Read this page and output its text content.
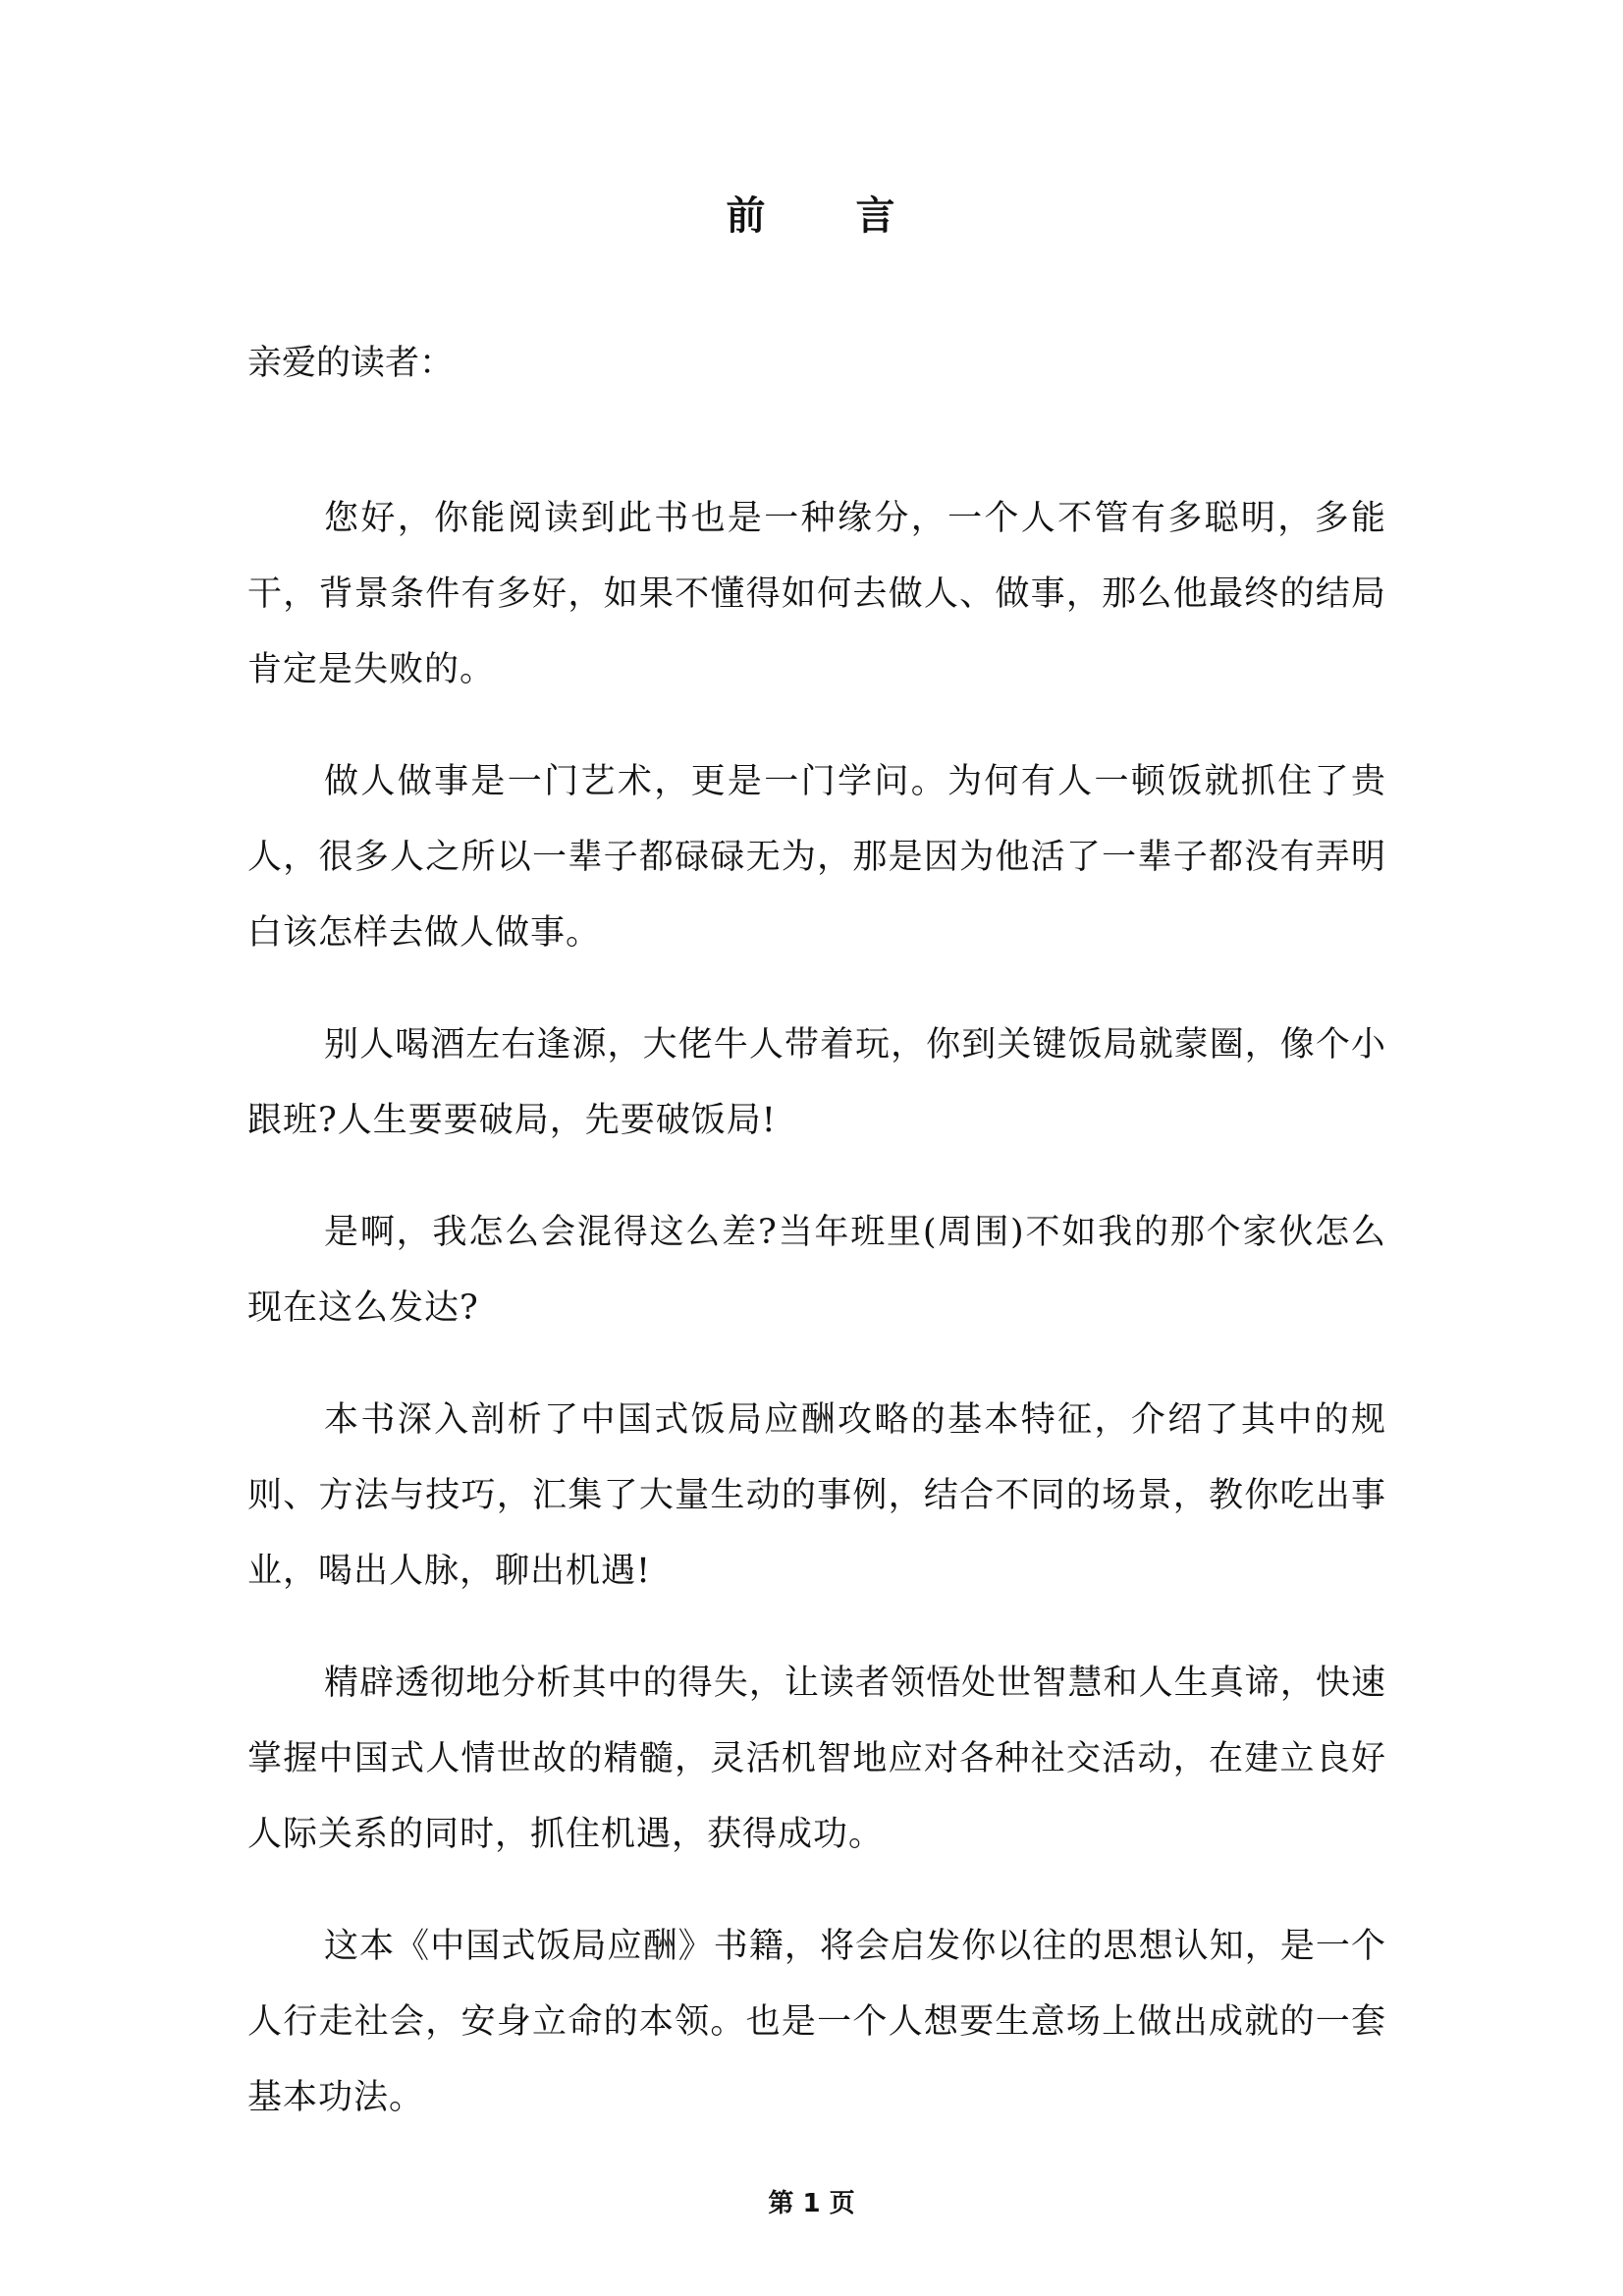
前 言
亲爱的读者：

您好，你能阅读到此书也是一种缘分，一个人不管有多聪明，多能干，背景条件有多好，如果不懂得如何去做人、做事，那么他最终的结局肯定是失败的。

做人做事是一门艺术，更是一门学问。为何有人一顿饭就抓住了贵人，很多人之所以一辈子都碌碌无为，那是因为他活了一辈子都没有弄明白该怎样去做人做事。

别人喝酒左右逢源，大佬牛人带着玩，你到关键饭局就蒙圈，像个小跟班?人生要要破局，先要破饭局!

是啊，我怎么会混得这么差?当年班里(周围)不如我的那个家伙怎么现在这么发达?

本书深入剖析了中国式饭局应酬攻略的基本特征，介绍了其中的规则、方法与技巧，汇集了大量生动的事例，结合不同的场景，教你吃出事业，喝出人脉，聊出机遇!

精辟透彻地分析其中的得失，让读者领悟处世智慧和人生真谛，快速掌握中国式人情世故的精髓，灵活机智地应对各种社交活动，在建立良好人际关系的同时，抓住机遇，获得成功。

这本《中国式饭局应酬》书籍，将会启发你以往的思想认知，是一个人行走社会，安身立命的本领。也是一个人想要生意场上做出成就的一套基本功法。

第 1 页
